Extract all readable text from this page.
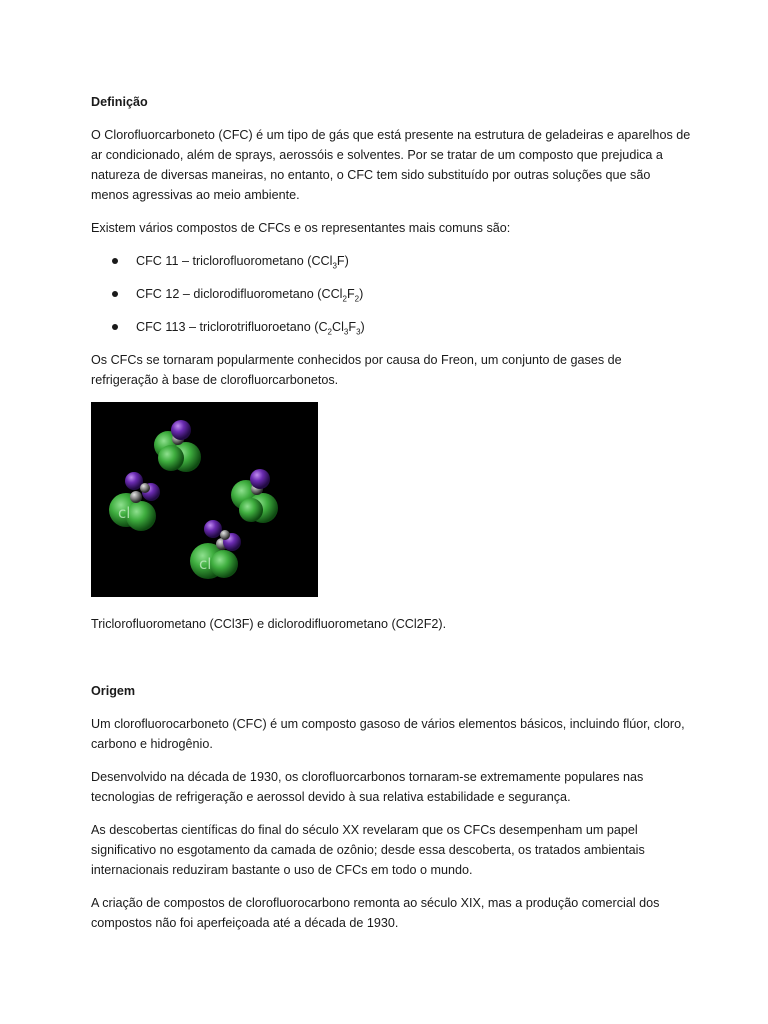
Definição

O Clorofluorcarboneto (CFC) é um tipo de gás que está presente na estrutura de geladeiras e aparelhos de ar condicionado, além de sprays, aerossóis e solventes. Por se tratar de um composto que prejudica a natureza de diversas maneiras, no entanto, o CFC tem sido substituído por outras soluções que são menos agressivas ao meio ambiente.

Existem vários compostos de CFCs e os representantes mais comuns são:

CFC 11 – triclorofluorometano (CCl$_3$F)
CFC 12 – diclorodifluorometano $(CCl_2F_2)$
CFC 113 – triclorotrifluoroetano $(C_2Cl_3F_3)$

Os CFCs se tornaram popularmente conhecidos por causa do Freon, um conjunto de gases de refrigeração à base de clorofluorcarbonetos.

cl
cl

Triclorofluorometano (CCl3F) e diclorodifluorometano (CCl2F2).

Origem

Um clorofluorocarboneto (CFC) é um composto gasoso de vários elementos básicos, incluindo flúor, cloro, carbono e hidrogênio.

Desenvolvido na década de 1930, os clorofluorcarbonos tornaram-se extremamente populares nas tecnologias de refrigeração e aerossol devido à sua relativa estabilidade e segurança.

As descobertas científicas do final do século XX revelaram que os CFCs desempenham um papel significativo no esgotamento da camada de ozônio; desde essa descoberta, os tratados ambientais internacionais reduziram bastante o uso de CFCs em todo o mundo.

A criação de compostos de clorofluorocarbono remonta ao século XIX, mas a produção comercial dos compostos não foi aperfeiçoada até a década de 1930.
